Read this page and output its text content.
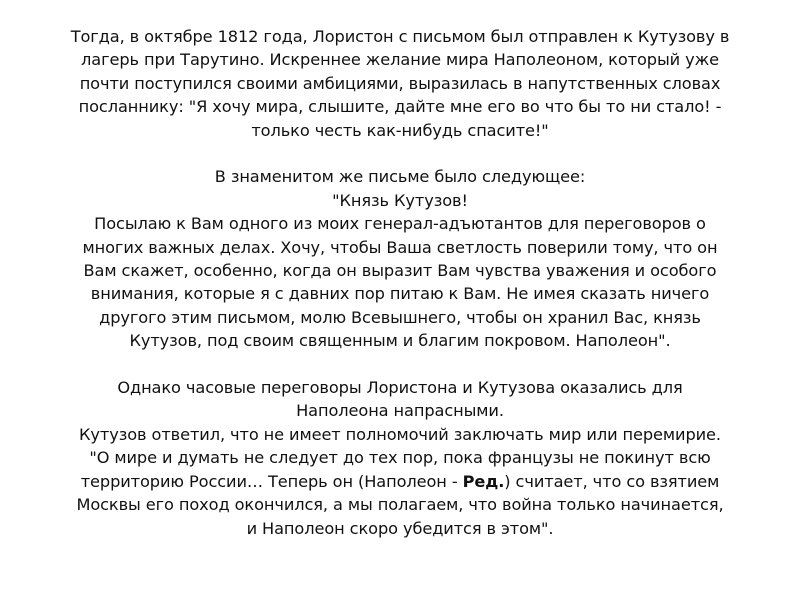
Тогда, в октябре 1812 года, Лористон с письмом был отправлен к Кутузову в
лагерь при Тарутино. Искреннее желание мира Наполеоном, который уже
почти поступился своими амбициями, выразилась в напутственных словах
посланнику: "Я хочу мира, слышите, дайте мне его во что бы то ни стало! -
только честь как-нибудь спасите!"
В знаменитом же письме было следующее:
"Князь Кутузов!
Посылаю к Вам одного из моих генерал-адъютантов для переговоров о
многих важных делах. Хочу, чтобы Ваша светлость поверили тому, что он
Вам скажет, особенно, когда он выразит Вам чувства уважения и особого
внимания, которые я с давних пор питаю к Вам. Не имея сказать ничего
другого этим письмом, молю Всевышнего, чтобы он хранил Вас, князь
Кутузов, под своим священным и благим покровом. Наполеон".
Однако часовые переговоры Лористона и Кутузова оказались для
Наполеона напрасными.
Кутузов ответил, что не имеет полномочий заключать мир или перемирие.
"О мире и думать не следует до тех пор, пока французы не покинут всю
территорию России… Теперь он (Наполеон - Ред.) считает, что со взятием
Москвы его поход окончился, а мы полагаем, что война только начинается,
и Наполеон скоро убедится в этом".
